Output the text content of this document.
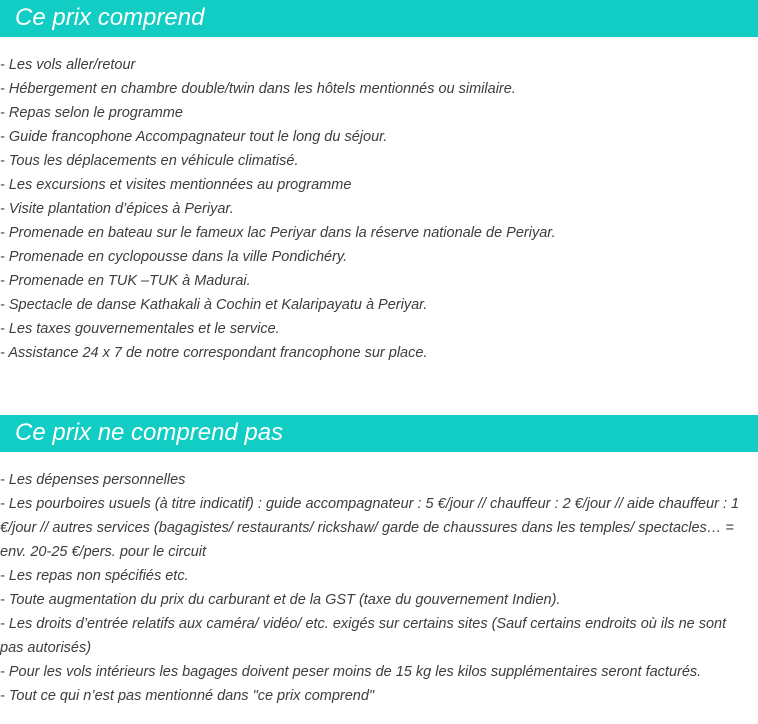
Ce prix comprend
- Les vols aller/retour
- Hébergement en chambre double/twin dans les hôtels mentionnés ou similaire.
- Repas selon le programme
- Guide francophone Accompagnateur tout le long du séjour.
- Tous les déplacements en véhicule climatisé.
- Les excursions et visites mentionnées au programme
- Visite plantation d’épices à Periyar.
- Promenade en bateau sur le fameux lac Periyar dans la réserve nationale de Periyar.
- Promenade en cyclopousse dans la ville Pondichéry.
- Promenade en TUK –TUK à Madurai.
- Spectacle de danse Kathakali à Cochin et Kalaripayatu à Periyar.
- Les taxes gouvernementales et le service.
- Assistance 24 x 7 de notre correspondant francophone sur place.
Ce prix ne comprend pas
- Les dépenses personnelles
- Les pourboires usuels (à titre indicatif) : guide accompagnateur : 5 €/jour // chauffeur : 2 €/jour // aide chauffeur : 1 €/jour // autres services (bagagistes/ restaurants/ rickshaw/ garde de chaussures dans les temples/ spectacles… = env. 20-25 €/pers. pour le circuit
- Les repas non spécifiés etc.
- Toute augmentation du prix du carburant et de la GST (taxe du gouvernement Indien).
- Les droits d’entrée relatifs aux caméra/ vidéo/ etc. exigés sur certains sites (Sauf certains endroits où ils ne sont pas autorisés)
- Pour les vols intérieurs les bagages doivent peser moins de 15 kg les kilos supplémentaires seront facturés.
- Tout ce qui n’est pas mentionné dans "ce prix comprend"
